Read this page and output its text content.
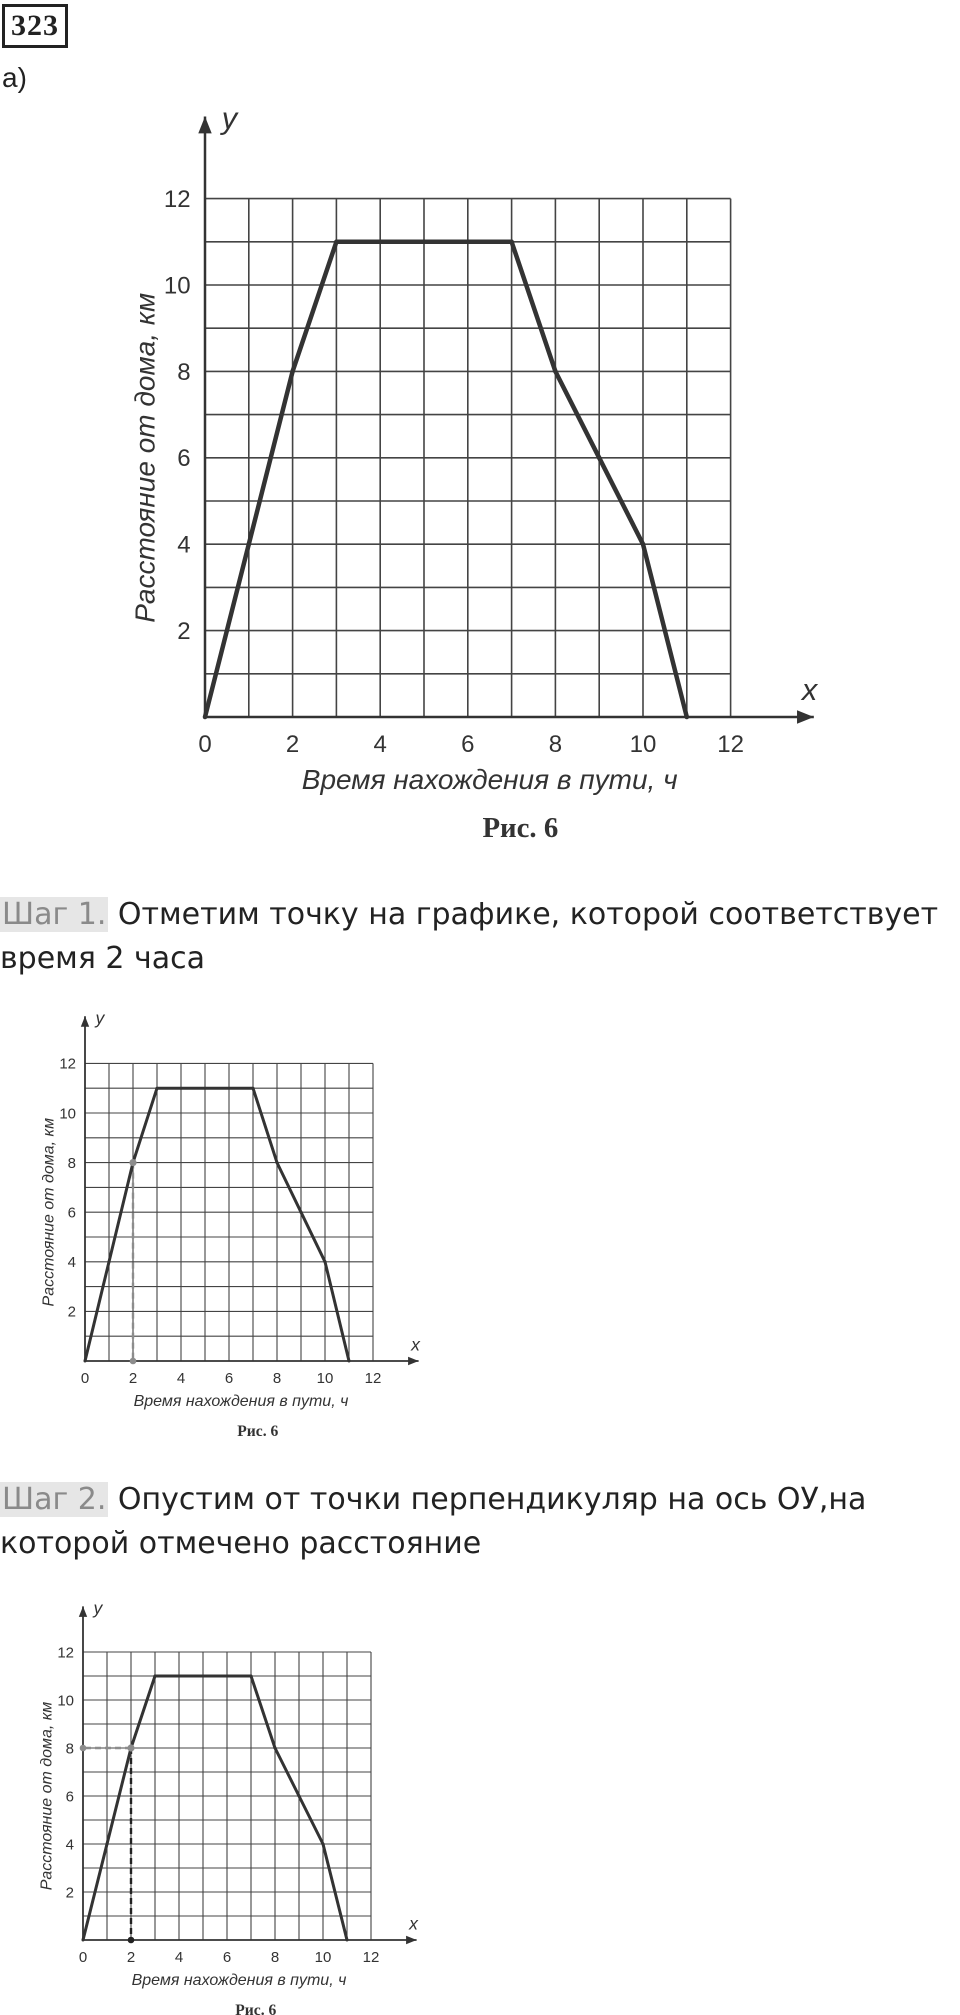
323
а)
x
y
0	2	4	6	8	10	12
2
4
6
8
10
12
Время нахождения в пути, ч
Расстояние от дома, км
Рис. 6
Шаг 1. Отметим точку на графике, которой соответствует время 2 часа
x
y
0	2	4	6	8 10 12
2
4
6
8
10
12
Время нахождения в пути, ч
Расстояние от дома, км
Рис. 6
Шаг 2. Опустим от точки перпендикуляр на ось ОУ,на которой отмечено расстояние
x
y
0	2	4	6	8 10 12
2
4
6
8
10
12
Время нахождения в пути, ч
Расстояние от дома, км
Рис. 6
